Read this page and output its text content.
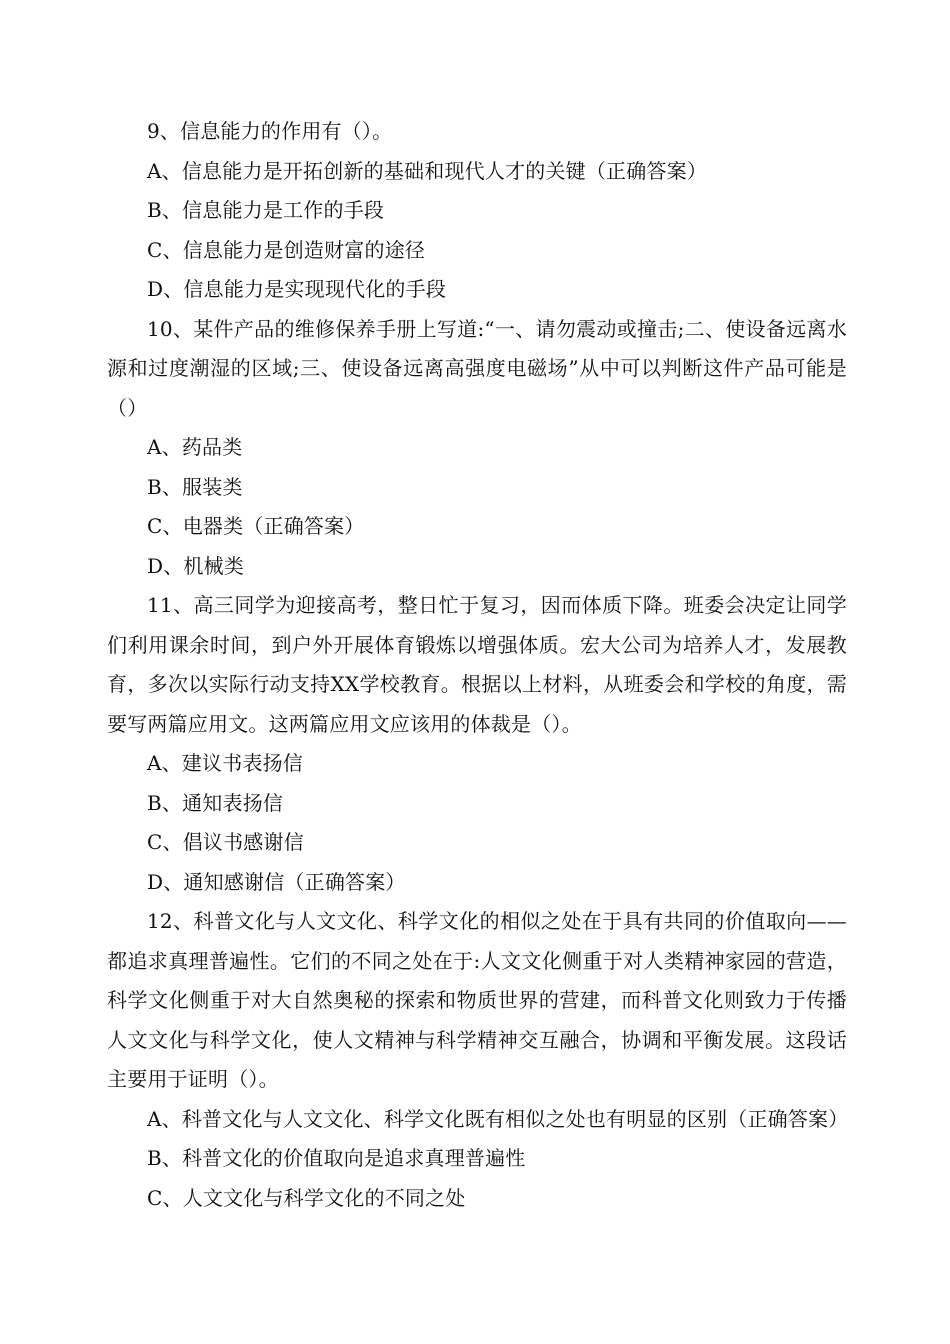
9、信息能力的作用有（）。
A、信息能力是开拓创新的基础和现代人才的关键（正确答案）
B、信息能力是工作的手段
C、信息能力是创造财富的途径
D、信息能力是实现现代化的手段
10、某件产品的维修保养手册上写道:“一、请勿震动或撞击;二、使设备远离水源和过度潮湿的区域;三、使设备远离高强度电磁场”从中可以判断这件产品可能是（）
A、药品类
B、服装类
C、电器类（正确答案）
D、机械类
11、高三同学为迎接高考，整日忙于复习，因而体质下降。班委会决定让同学们利用课余时间，到户外开展体育锻炼以增强体质。宏大公司为培养人才，发展教育，多次以实际行动支持XX学校教育。根据以上材料，从班委会和学校的角度，需要写两篇应用文。这两篇应用文应该用的体裁是（）。
A、建议书表扬信
B、通知表扬信
C、倡议书感谢信
D、通知感谢信（正确答案）
12、科普文化与人文文化、科学文化的相似之处在于具有共同的价值取向——都追求真理普遍性。它们的不同之处在于:人文文化侧重于对人类精神家园的营造，科学文化侧重于对大自然奥秘的探索和物质世界的营建，而科普文化则致力于传播人文文化与科学文化，使人文精神与科学精神交互融合，协调和平衡发展。这段话主要用于证明（）。
A、科普文化与人文文化、科学文化既有相似之处也有明显的区别（正确答案）
B、科普文化的价值取向是追求真理普遍性
C、人文文化与科学文化的不同之处
